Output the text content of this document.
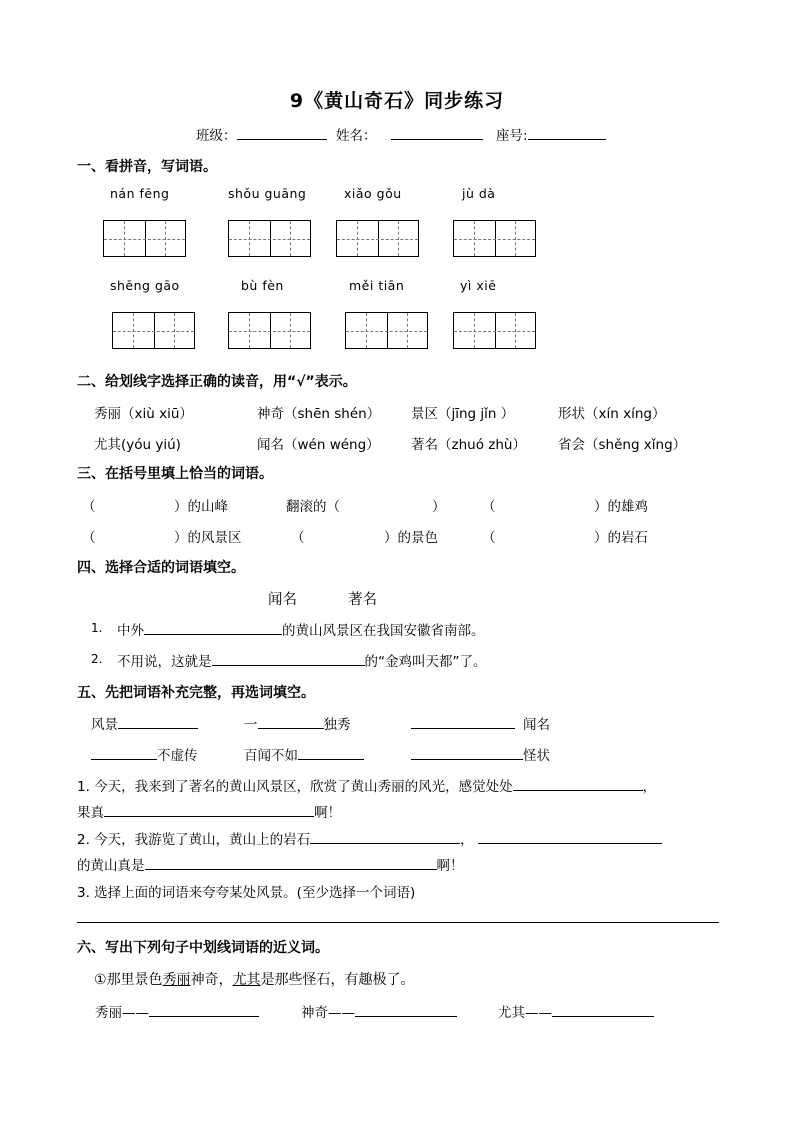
9《黄山奇石》同步练习
班级：	姓名：	座号:
一、看拼音，写词语。
nán fēng	shǒu guāng	xiǎo gǒu	jù dà
shēng gāo	bù fèn	měi tiān	yì xiē
二、给划线字选择正确的读音，用“√”表示。
秀丽（xiù xiū）	神奇（shēn shén） 景区（jīng jǐn ）	形状（xín xíng）
尤其(yóu yiú)	闻名（wén wéng） 著名（zhuó zhù） 省会（shěng xǐng）
三、在括号里填上恰当的词语。
（	）的山峰	翻滚的（	）	（	）的雄鸡
（	）的风景区	（	）的景色	（	）的岩石
四、选择合适的词语填空。
闻名	著名
1. 中外	的黄山风景区在我国安徽省南部。
2. 不用说，这就是	的“金鸡叫天都”了。
五、先把词语补充完整，再选词填空。
风景	一	独秀	闻名
不虚传	百闻不如	怪状
1. 今天，我来到了著名的黄山风景区，欣赏了黄山秀丽的风光，感觉处处	，
果真	啊！
2. 今天，我游览了黄山，黄山上的岩石	，
的黄山真是	啊！
3. 选择上面的词语来夸夸某处风景。(至少选择一个词语)
六、写出下列句子中划线词语的近义词。
①那里景色秀丽神奇，尤其是那些怪石，有趣极了。
秀丽——	神奇——	尤其——
